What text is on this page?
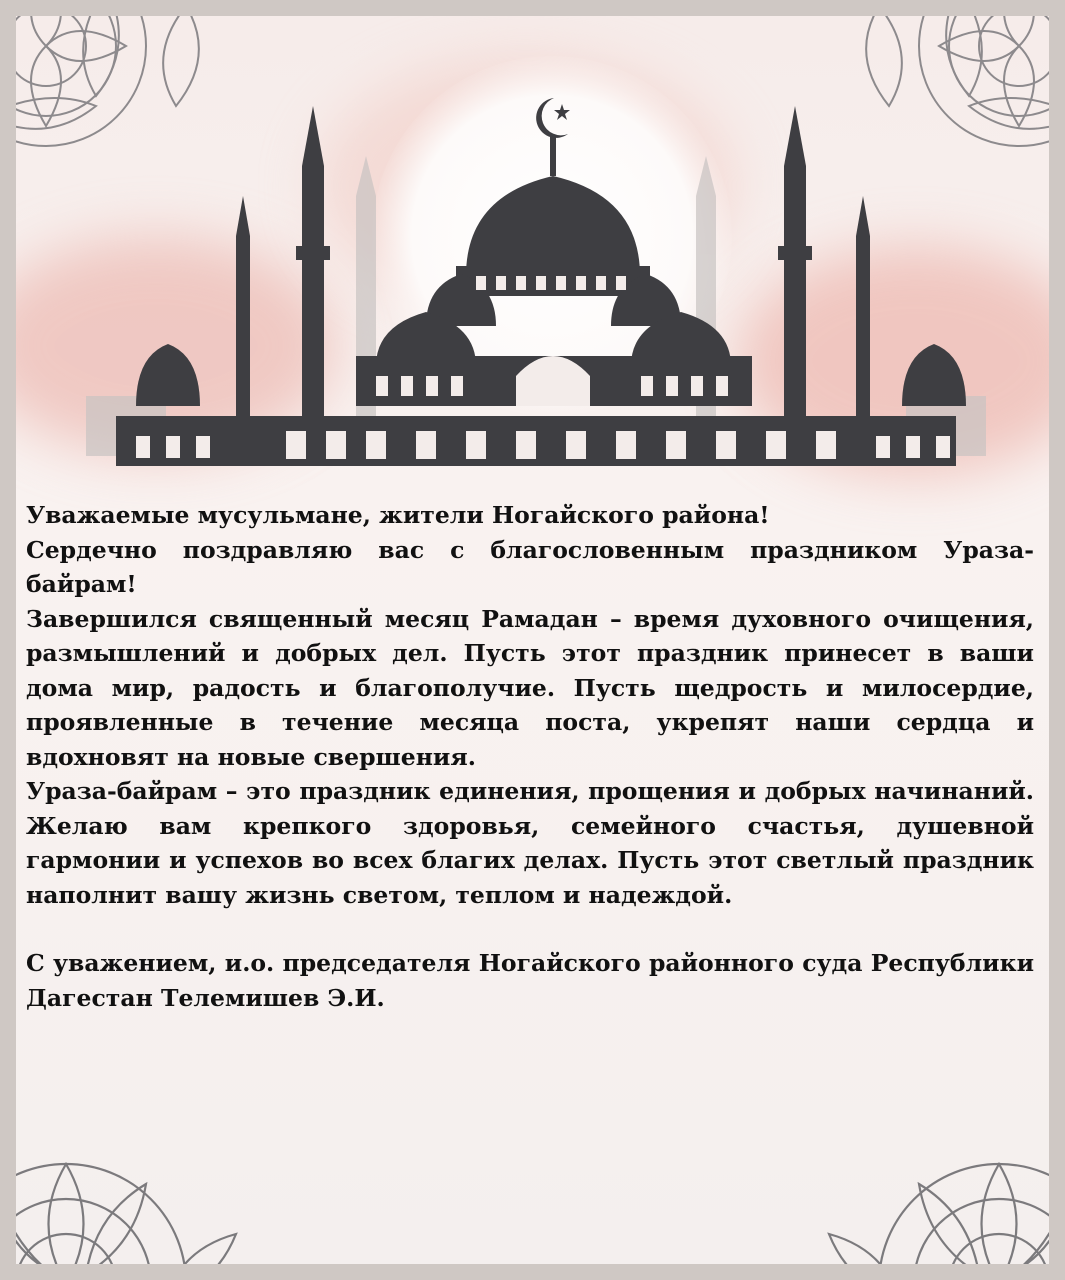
Уважаемые мусульмане, жители Ногайского района!

Сердечно поздравляю вас с благословенным праздником Ураза-байрам!

Завершился священный месяц Рамадан – время духовного очищения, размышлений и добрых дел. Пусть этот праздник принесет в ваши дома мир, радость и благополучие. Пусть щедрость и милосердие, проявленные в течение месяца поста, укрепят наши сердца и вдохновят на новые свершения.

Ураза-байрам – это праздник единения, прощения и добрых начинаний. Желаю вам крепкого здоровья, семейного счастья, душевной гармонии и успехов во всех благих делах. Пусть этот светлый праздник наполнит вашу жизнь светом, теплом и надеждой.

С уважением, и.о. председателя Ногайского районного суда Республики Дагестан Телемишев Э.И.
